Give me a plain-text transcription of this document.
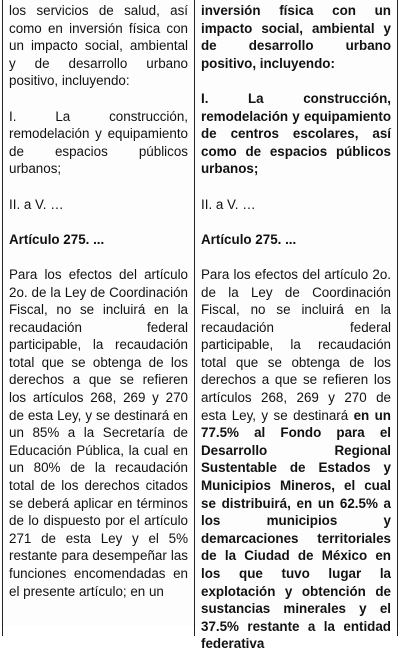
los servicios de salud, así como en inversión física con un impacto social, ambiental y de desarrollo urbano positivo, incluyendo:

I. La construcción, remodelación y equipamiento de espacios públicos urbanos;

II. a V. …

Artículo 275. ...

Para los efectos del artículo 2o. de la Ley de Coordinación Fiscal, no se incluirá en la recaudación federal participable, la recaudación total que se obtenga de los derechos a que se refieren los artículos 268, 269 y 270 de esta Ley, y se destinará en un 85% a la Secretaría de Educación Pública, la cual en un 80% de la recaudación total de los derechos citados se deberá aplicar en términos de lo dispuesto por el artículo 271 de esta Ley y el 5% restante para desempeñar las funciones encomendadas en el presente artículo; en un

inversión física con un impacto social, ambiental y de desarrollo urbano positivo, incluyendo:

I. La construcción, remodelación y equipamiento de centros escolares, así como de espacios públicos urbanos;

II. a V. …

Artículo 275. ...

Para los efectos del artículo 2o. de la Ley de Coordinación Fiscal, no se incluirá en la recaudación federal participable, la recaudación total que se obtenga de los derechos a que se refieren los artículos 268, 269 y 270 de esta Ley, y se destinará en un 77.5% al Fondo para el Desarrollo Regional Sustentable de Estados y Municipios Mineros, el cual se distribuirá, en un 62.5% a los municipios y demarcaciones territoriales de la Ciudad de México en los que tuvo lugar la explotación y obtención de sustancias minerales y el 37.5% restante a la entidad federativa
